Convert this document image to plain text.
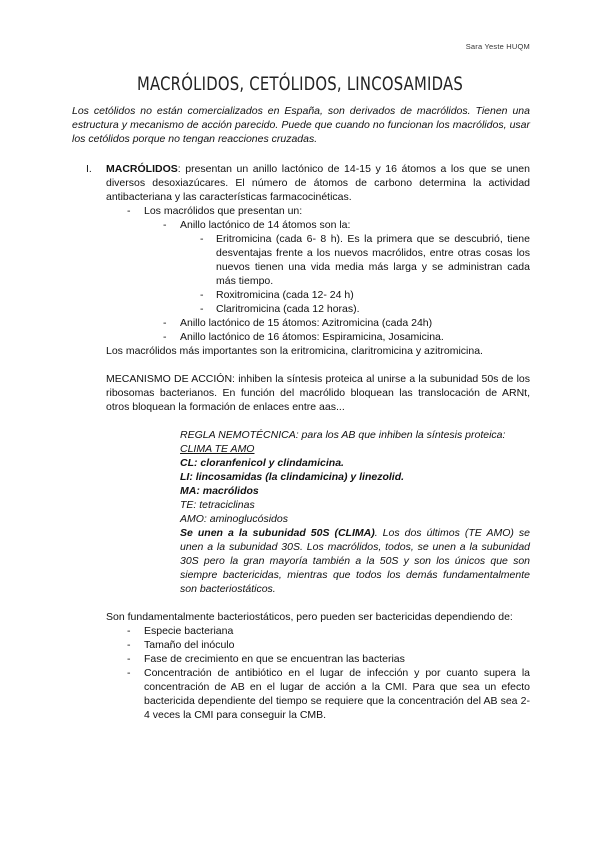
Sara Yeste HUQM
MACRÓLIDOS, CETÓLIDOS, LINCOSAMIDAS
Los cetólidos no están comercializados en España, son derivados de macrólidos. Tienen una estructura y mecanismo de acción parecido. Puede que cuando no funcionan los macrólidos, usar los cetólidos porque no tengan reacciones cruzadas.
I. MACRÓLIDOS: presentan un anillo lactónico de 14-15 y 16 átomos a los que se unen diversos desoxiazúcares. El número de átomos de carbono determina la actividad antibacteriana y las características farmacocinéticas.
- Los macrólidos que presentan un:
- Anillo lactónico de 14 átomos son la:
- Eritromicina (cada 6- 8 h). Es la primera que se descubrió, tiene desventajas frente a los nuevos macrólidos, entre otras cosas los nuevos tienen una vida media más larga y se administran cada más tiempo.
- Roxitromicina (cada 12- 24 h)
- Claritromicina (cada 12 horas).
- Anillo lactónico de 15 átomos: Azitromicina (cada 24h)
- Anillo lactónico de 16 átomos: Espiramicina, Josamicina.
Los macrólidos más importantes son la eritromicina, claritromicina y azitromicina.
MECANISMO DE ACCIÓN: inhiben la síntesis proteica al unirse a la subunidad 50s de los ribosomas bacterianos. En función del macrólido bloquean las translocación de ARNt, otros bloquean la formación de enlaces entre aas...
REGLA NEMOTÉCNICA: para los AB que inhiben la síntesis proteica:
CLIMA TE AMO
CL: cloranfenicol y clindamicina.
LI: lincosamidas (la clindamicina) y linezolid.
MA: macrólidos
TE: tetraciclinas
AMO: aminoglucósidos
Se unen a la subunidad 50S (CLIMA). Los dos últimos (TE AMO) se unen a la subunidad 30S. Los macrólidos, todos, se unen a la subunidad 30S pero la gran mayoría también a la 50S y son los únicos que son siempre bactericidas, mientras que todos los demás fundamentalmente son bacteriostáticos.
Son fundamentalmente bacteriostáticos, pero pueden ser bactericidas dependiendo de:
- Especie bacteriana
- Tamaño del inóculo
- Fase de crecimiento en que se encuentran las bacterias
- Concentración de antibiótico en el lugar de infección y por cuanto supera la concentración de AB en el lugar de acción a la CMI. Para que sea un efecto bactericida dependiente del tiempo se requiere que la concentración del AB sea 2-4 veces la CMI para conseguir la CMB.
